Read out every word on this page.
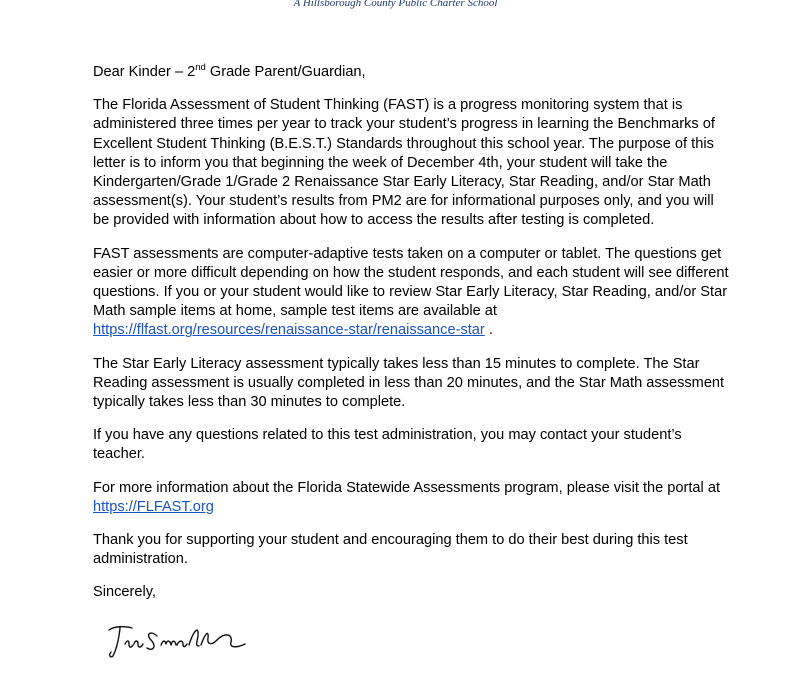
A Hillsborough County Public Charter School

Dear Kinder – 2nd Grade Parent/Guardian,

The Florida Assessment of Student Thinking (FAST) is a progress monitoring system that is administered three times per year to track your student’s progress in learning the Benchmarks of Excellent Student Thinking (B.E.S.T.) Standards throughout this school year. The purpose of this letter is to inform you that beginning the week of December 4th, your student will take the Kindergarten/Grade 1/Grade 2 Renaissance Star Early Literacy, Star Reading, and/or Star Math assessment(s). Your student’s results from PM2 are for informational purposes only, and you will be provided with information about how to access the results after testing is completed.

FAST assessments are computer-adaptive tests taken on a computer or tablet. The questions get easier or more difficult depending on how the student responds, and each student will see different questions. If you or your student would like to review Star Early Literacy, Star Reading, and/or Star Math sample items at home, sample test items are available at
https://flfast.org/resources/renaissance-star/renaissance-star .

The Star Early Literacy assessment typically takes less than 15 minutes to complete. The Star Reading assessment is usually completed in less than 20 minutes, and the Star Math assessment typically takes less than 30 minutes to complete.

If you have any questions related to this test administration, you may contact your student’s teacher.

For more information about the Florida Statewide Assessments program, please visit the portal at
https://FLFAST.org

Thank you for supporting your student and encouraging them to do their best during this test administration.

Sincerely,
